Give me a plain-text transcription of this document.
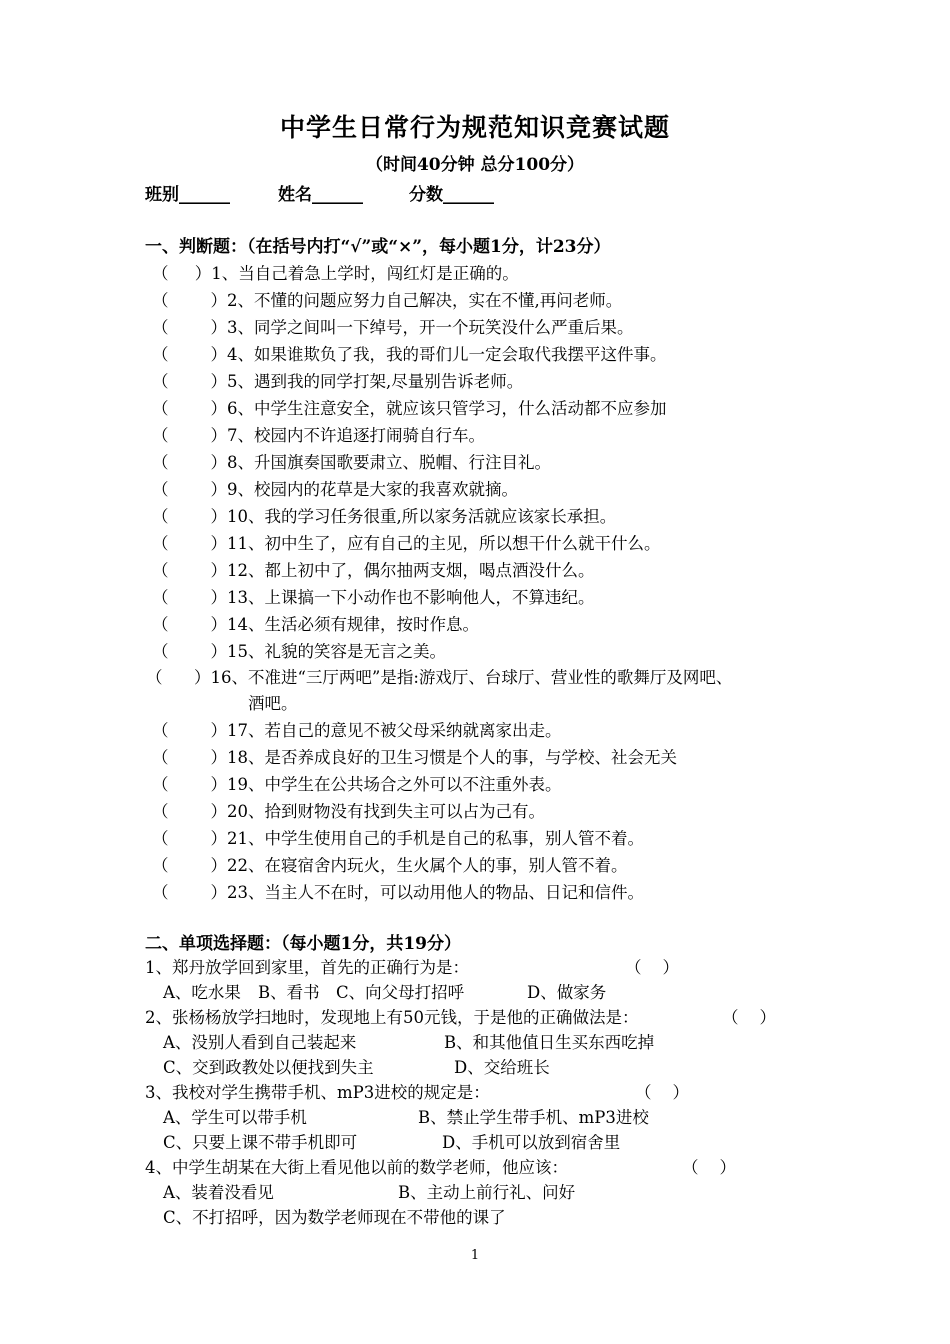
中学生日常行为规范知识竞赛试题
（时间40分钟 总分100分）
班别______	姓名______	分数______
一、判断题：（在括号内打“√”或“×”，每小题1分，计23分）
（     ）1、当自己着急上学时，闯红灯是正确的。
（        ）2、不懂的问题应努力自己解决，实在不懂,再问老师。
（        ）3、同学之间叫一下绰号，开一个玩笑没什么严重后果。
（        ）4、如果谁欺负了我，我的哥们儿一定会取代我摆平这件事。
（        ）5、遇到我的同学打架,尽量别告诉老师。
（        ）6、中学生注意安全，就应该只管学习，什么活动都不应参加
（        ）7、校园内不许追逐打闹骑自行车。
（        ）8、升国旗奏国歌要肃立、脱帽、行注目礼。
（        ）9、校园内的花草是大家的我喜欢就摘。
（        ）10、我的学习任务很重,所以家务活就应该家长承担。
（        ）11、初中生了，应有自己的主见，所以想干什么就干什么。
（        ）12、都上初中了，偶尔抽两支烟，喝点酒没什么。
（        ）13、上课搞一下小动作也不影响他人，不算违纪。
（        ）14、生活必须有规律，按时作息。
（        ）15、礼貌的笑容是无言之美。
（      ）16、不准进“三厅两吧”是指:游戏厅、台球厅、营业性的歌舞厅及网吧、
酒吧。
（        ）17、若自己的意见不被父母采纳就离家出走。
（        ）18、是否养成良好的卫生习惯是个人的事，与学校、社会无关
（        ）19、中学生在公共场合之外可以不注重外表。
（        ）20、拾到财物没有找到失主可以占为己有。
（        ）21、中学生使用自己的手机是自己的私事，别人管不着。
（        ）22、在寝宿舍内玩火，生火属个人的事，别人管不着。
（        ）23、当主人不在时，可以动用他人的物品、日记和信件。
二、单项选择题：（每小题1分，共19分）
1、郑丹放学回到家里，首先的正确行为是：	（    ）
A、吃水果 B、看书 C、向父母打招呼	D、做家务
2、张杨杨放学扫地时，发现地上有50元钱，于是他的正确做法是：	（    ）
A、没别人看到自己装起来	B、和其他值日生买东西吃掉
C、交到政教处以便找到失主	D、交给班长
3、我校对学生携带手机、mP3进校的规定是：	（    ）
A、学生可以带手机	B、禁止学生带手机、mP3进校
C、只要上课不带手机即可	D、手机可以放到宿舍里
4、中学生胡某在大街上看见他以前的数学老师，他应该：	（    ）
A、装着没看见	B、主动上前行礼、问好
C、不打招呼，因为数学老师现在不带他的课了
1
